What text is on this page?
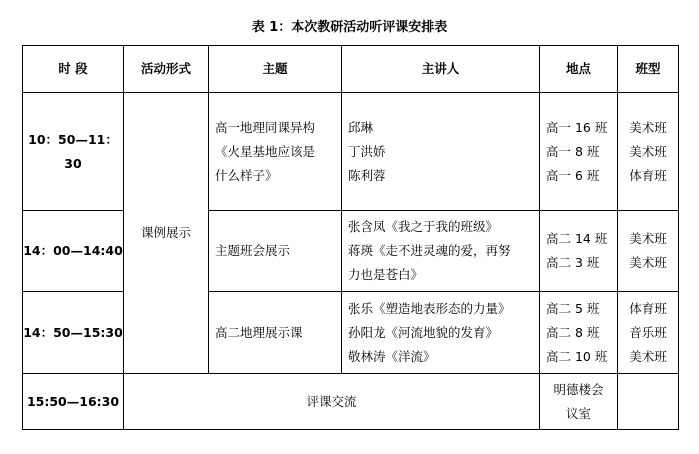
表 1：本次教研活动听评课安排表
时 段	活动形式	主题	主讲人	地点	班型
10：50—11：30	课例展示	高一地理同课异构
《火星基地应该是
什么样子》	邱琳
丁洪娇
陈利蓉	高一 16 班
高一 8 班
高一 6 班	美术班
美术班
体育班
14：00—14:40		主题班会展示	张含凤《我之于我的班级》
蒋瑛《走不进灵魂的爱，再努
力也是苍白》	高二 14 班
高二 3 班	美术班
美术班
14：50—15:30		高二地理展示课	张乐《塑造地表形态的力量》
孙阳龙《河流地貌的发育》
敬林涛《洋流》	高二 5 班
高二 8 班
高二 10 班	体育班
音乐班
美术班
15:50—16:30	评课交流			明德楼会
议室	
